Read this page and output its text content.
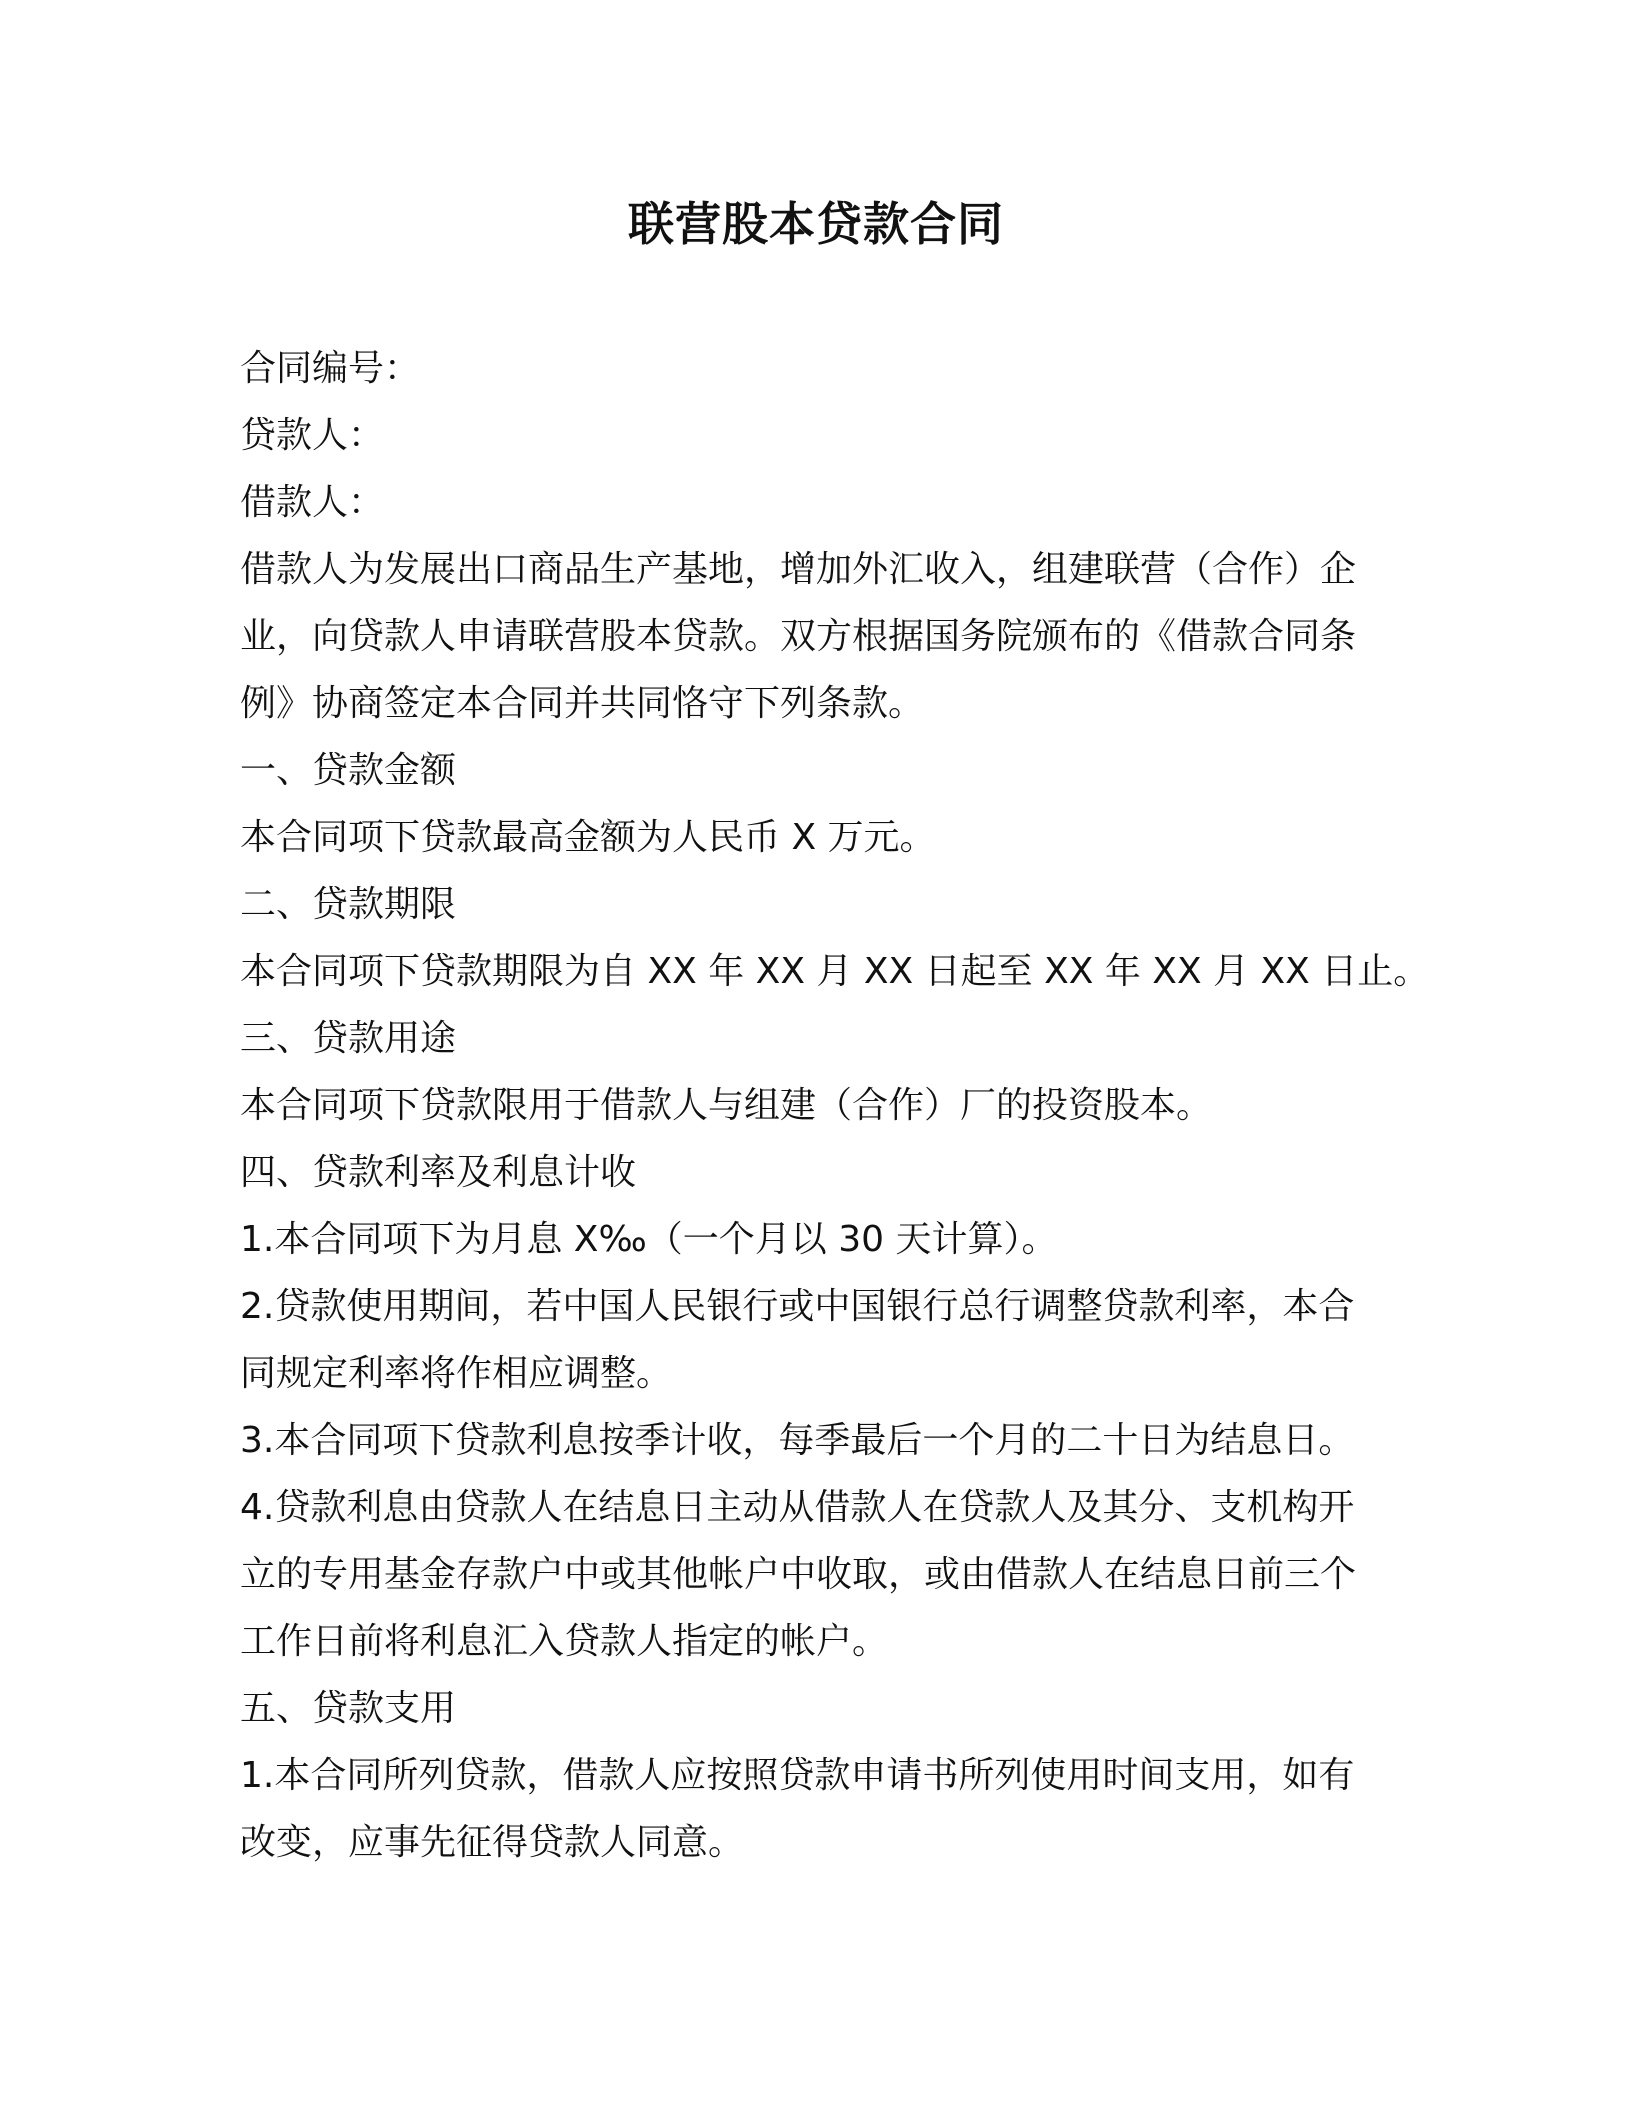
联营股本贷款合同
合同编号：
贷款人：
借款人：
借款人为发展出口商品生产基地，增加外汇收入，组建联营（合作）企
业，向贷款人申请联营股本贷款。双方根据国务院颁布的《借款合同条
例》协商签定本合同并共同恪守下列条款。
一、贷款金额
本合同项下贷款最高金额为人民币 X 万元。
二、贷款期限
本合同项下贷款期限为自 XX 年 XX 月 XX 日起至 XX 年 XX 月 XX 日止。
三、贷款用途
本合同项下贷款限用于借款人与组建（合作）厂的投资股本。
四、贷款利率及利息计收
1.本合同项下为月息 X‰（一个月以 30 天计算）。
2.贷款使用期间，若中国人民银行或中国银行总行调整贷款利率，本合
同规定利率将作相应调整。
3.本合同项下贷款利息按季计收，每季最后一个月的二十日为结息日。
4.贷款利息由贷款人在结息日主动从借款人在贷款人及其分、支机构开
立的专用基金存款户中或其他帐户中收取，或由借款人在结息日前三个
工作日前将利息汇入贷款人指定的帐户。
五、贷款支用
1.本合同所列贷款，借款人应按照贷款申请书所列使用时间支用，如有
改变，应事先征得贷款人同意。
